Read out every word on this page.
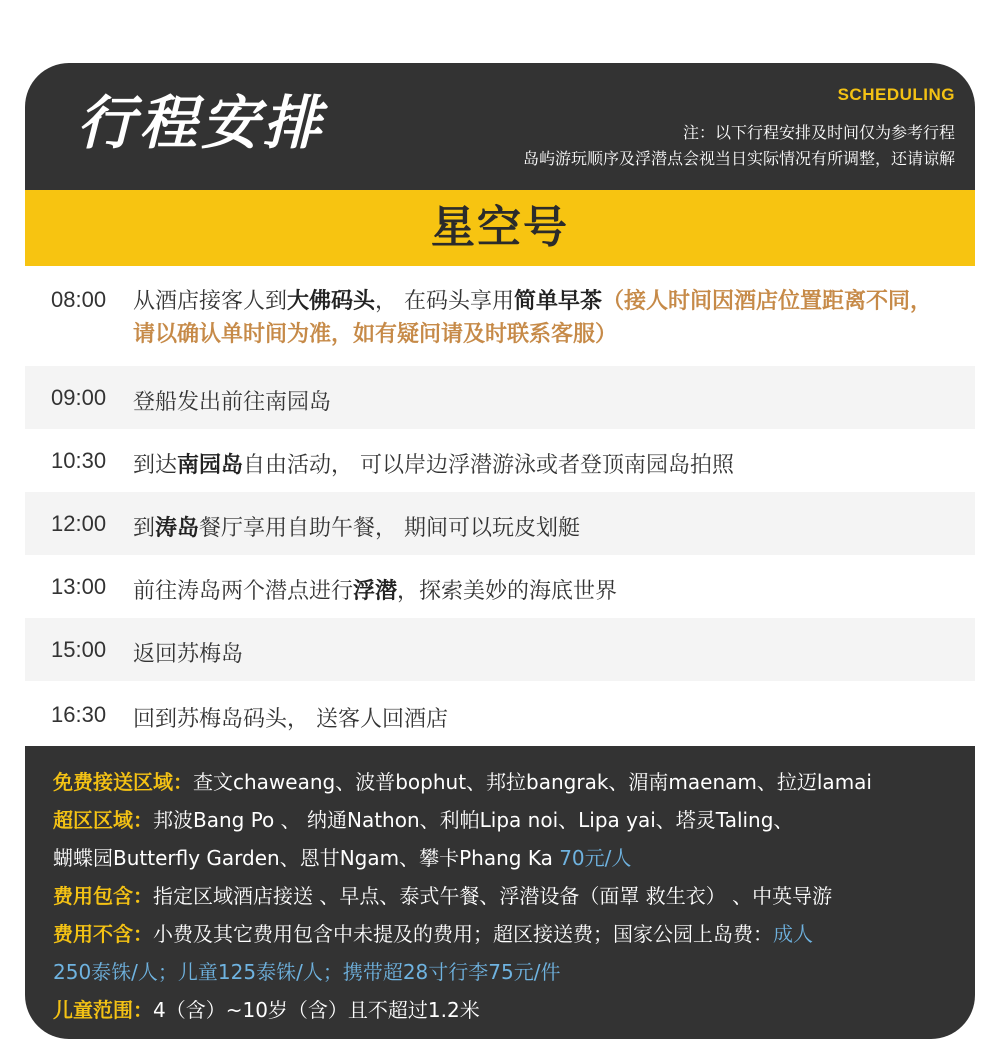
行程安排	SCHEDULING
注：以下行程安排及时间仅为参考行程
岛屿游玩顺序及浮潜点会视当日实际情况有所调整，还请谅解
星空号
08:00 从酒店接客人到大佛码头， 在码头享用简单早茶（接人时间因酒店位置距离不同，请以确认单时间为准，如有疑问请及时联系客服）
09:00 登船发出前往南园岛
10:30 到达南园岛自由活动， 可以岸边浮潜游泳或者登顶南园岛拍照
12:00 到涛岛餐厅享用自助午餐， 期间可以玩皮划艇
13:00 前往涛岛两个潜点进行浮潜，探索美妙的海底世界
15:00 返回苏梅岛
16:30 回到苏梅岛码头， 送客人回酒店
免费接送区域：查文chaweang、波普bophut、邦拉bangrak、湄南maenam、拉迈lamai
超区区域：邦波Bang Po 、 纳通Nathon、利帕Lipa noi、Lipa yai、塔灵Taling、
蝴蝶园Butterfly Garden、恩甘Ngam、攀卡Phang Ka 70元/人
费用包含：指定区域酒店接送 、早点、泰式午餐、浮潜设备（面罩 救生衣） 、中英导游
费用不含：小费及其它费用包含中未提及的费用；超区接送费；国家公园上岛费：成人
250泰铢/人；儿童125泰铢/人；携带超28寸行李75元/件
儿童范围：4（含）~10岁（含）且不超过1.2米
